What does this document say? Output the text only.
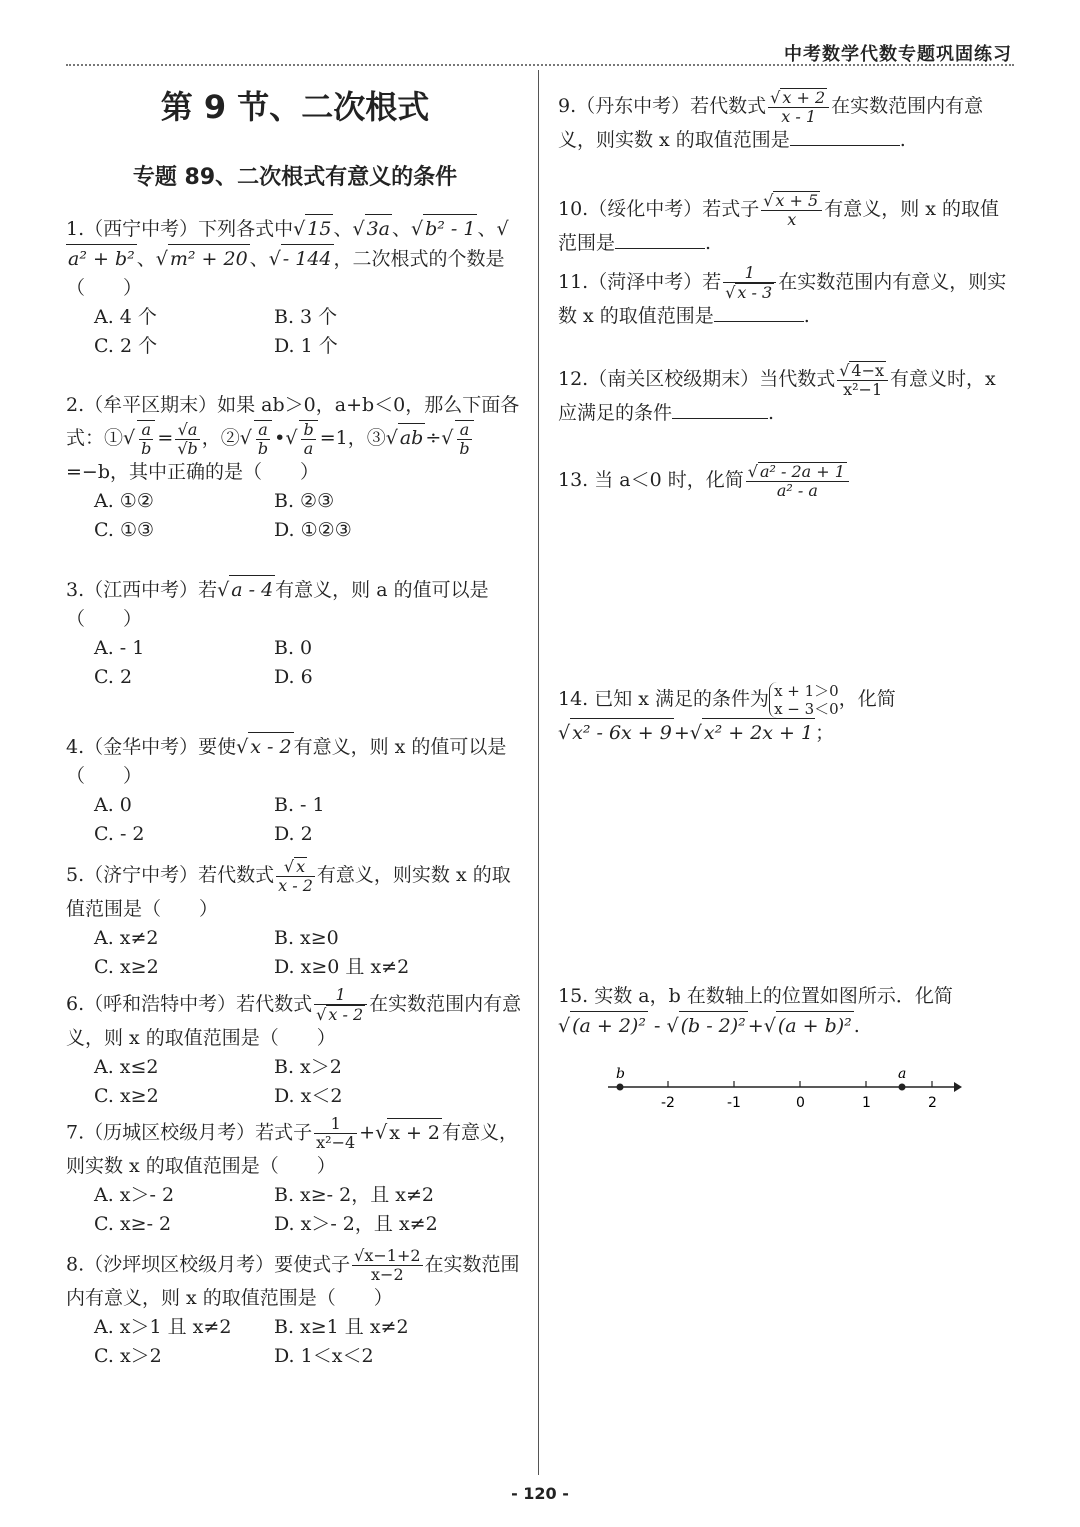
中考数学代数专题巩固练习
第 9 节、二次根式
专题 89、二次根式有意义的条件

1.（西宁中考）下列各式中√ 15 、√ 3a 、√ b² - 1 、√a² + b² 、√ m² + 20 、√ - 144 ，二次根式的个数是（　　）

A. 4 个	B. 3 个
C. 2 个	D. 1 个

2.（牟平区期末）如果 ab＞0，a+b＜0，那么下面各式：①√ $\frac{a}{b} = \frac{√a}{√b}$ ，②√ $\frac{a}{b}$ •√ $\frac{b}{a} =1$，③√ ab ÷√ $\frac{a}{b}$
=−b，其中正确的是（　　）

A. ①②	B. ②③
C. ①③	D. ①②③

3.（江西中考）若√ a - 4 有意义，则 a 的值可以是（　　）

A. - 1	B. 0
C. 2	D. 6

4.（金华中考）要使√ x - 2 有意义，则 x 的值可以是（　　）

A. 0	B. - 1
C. - 2	D. 2

5.（济宁中考）若代数式 $\frac{√ x}{x - 2}$ 有意义，则实数 x 的取值范围是（　　）

A. x≠2	B. x≥0
C. x≥2	D. x≥0 且 x≠2

6.（呼和浩特中考）若代数式 $\frac{1}{√ x - 2}$ 在实数范围内有意义，则 x 的取值范围是（　　）

A. x≤2	B. x＞2
C. x≥2	D. x＜2

7.（历城区校级月考）若式子 $\frac{1}{\text{x²−4}}$ +√ x + 2 有意义，则实数 x 的取值范围是（　　）

A. x＞- 2	B. x≥- 2，且 x≠2
C. x≥- 2	D. x＞- 2，且 x≠2

8.（沙坪坝区校级月考）要使式子 $\frac{√x-1+2}{x-2}$ 在实数范围内有意义，则 x 的取值范围是（　　）

A. x＞1 且 x≠2	B. x≥1 且 x≠2
C. x＞2	D. 1＜x＜2

9.（丹东中考）若代数式 $\frac{√ x + 2}{x - 1}$ 在实数范围内有意义，则实数 x 的取值范围是	.

10.（绥化中考）若式子 $\frac{√ x + 5}{x}$ 有意义，则 x 的取值范围是	.

11.（菏泽中考）若 $\frac{1}{√ x - 3}$ 在实数范围内有意义，则实数 x 的取值范围是	.

12.（南关区校级期末）当代数式 $\frac{√ 4-x}{\text{x²−1}}$ 有意义时，x 应满足的条件	.

13. 当 a＜0 时，化简 $\frac{\text{√ a² - 2a + 1}}{\text{a² - a}}$

14. 已知 x 满足的条件为 x + 1＞0
x − 3＜0 ，化简

√ x² - 6x + 9 +√ x² + 2x + 1 ；

15. 实数 a，b 在数轴上的位置如图所示．化简

√ (a + 2)² - √ (b - 2)² +√ (a + b)² .

b	a
-2	-1	0	1	2
- 120 -
